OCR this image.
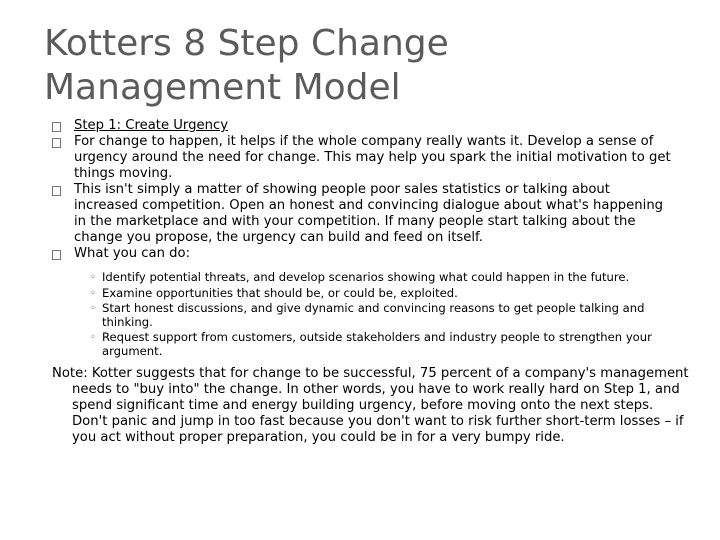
Kotters 8 Step Change
Management Model
Step 1: Create Urgency
For change to happen, it helps if the whole company really wants it. Develop a sense of urgency around the need for change. This may help you spark the initial motivation to get things moving.
This isn't simply a matter of showing people poor sales statistics or talking about increased competition. Open an honest and convincing dialogue about what's happening in the marketplace and with your competition. If many people start talking about the change you propose, the urgency can build and feed on itself.
What you can do:
◦ Identify potential threats, and develop scenarios showing what could happen in the future.
◦ Examine opportunities that should be, or could be, exploited.
◦ Start honest discussions, and give dynamic and convincing reasons to get people talking and thinking.
◦ Request support from customers, outside stakeholders and industry people to strengthen your argument.
Note: Kotter suggests that for change to be successful, 75 percent of a company's management needs to "buy into" the change. In other words, you have to work really hard on Step 1, and spend significant time and energy building urgency, before moving onto the next steps. Don't panic and jump in too fast because you don't want to risk further short-term losses – if you act without proper preparation, you could be in for a very bumpy ride.
